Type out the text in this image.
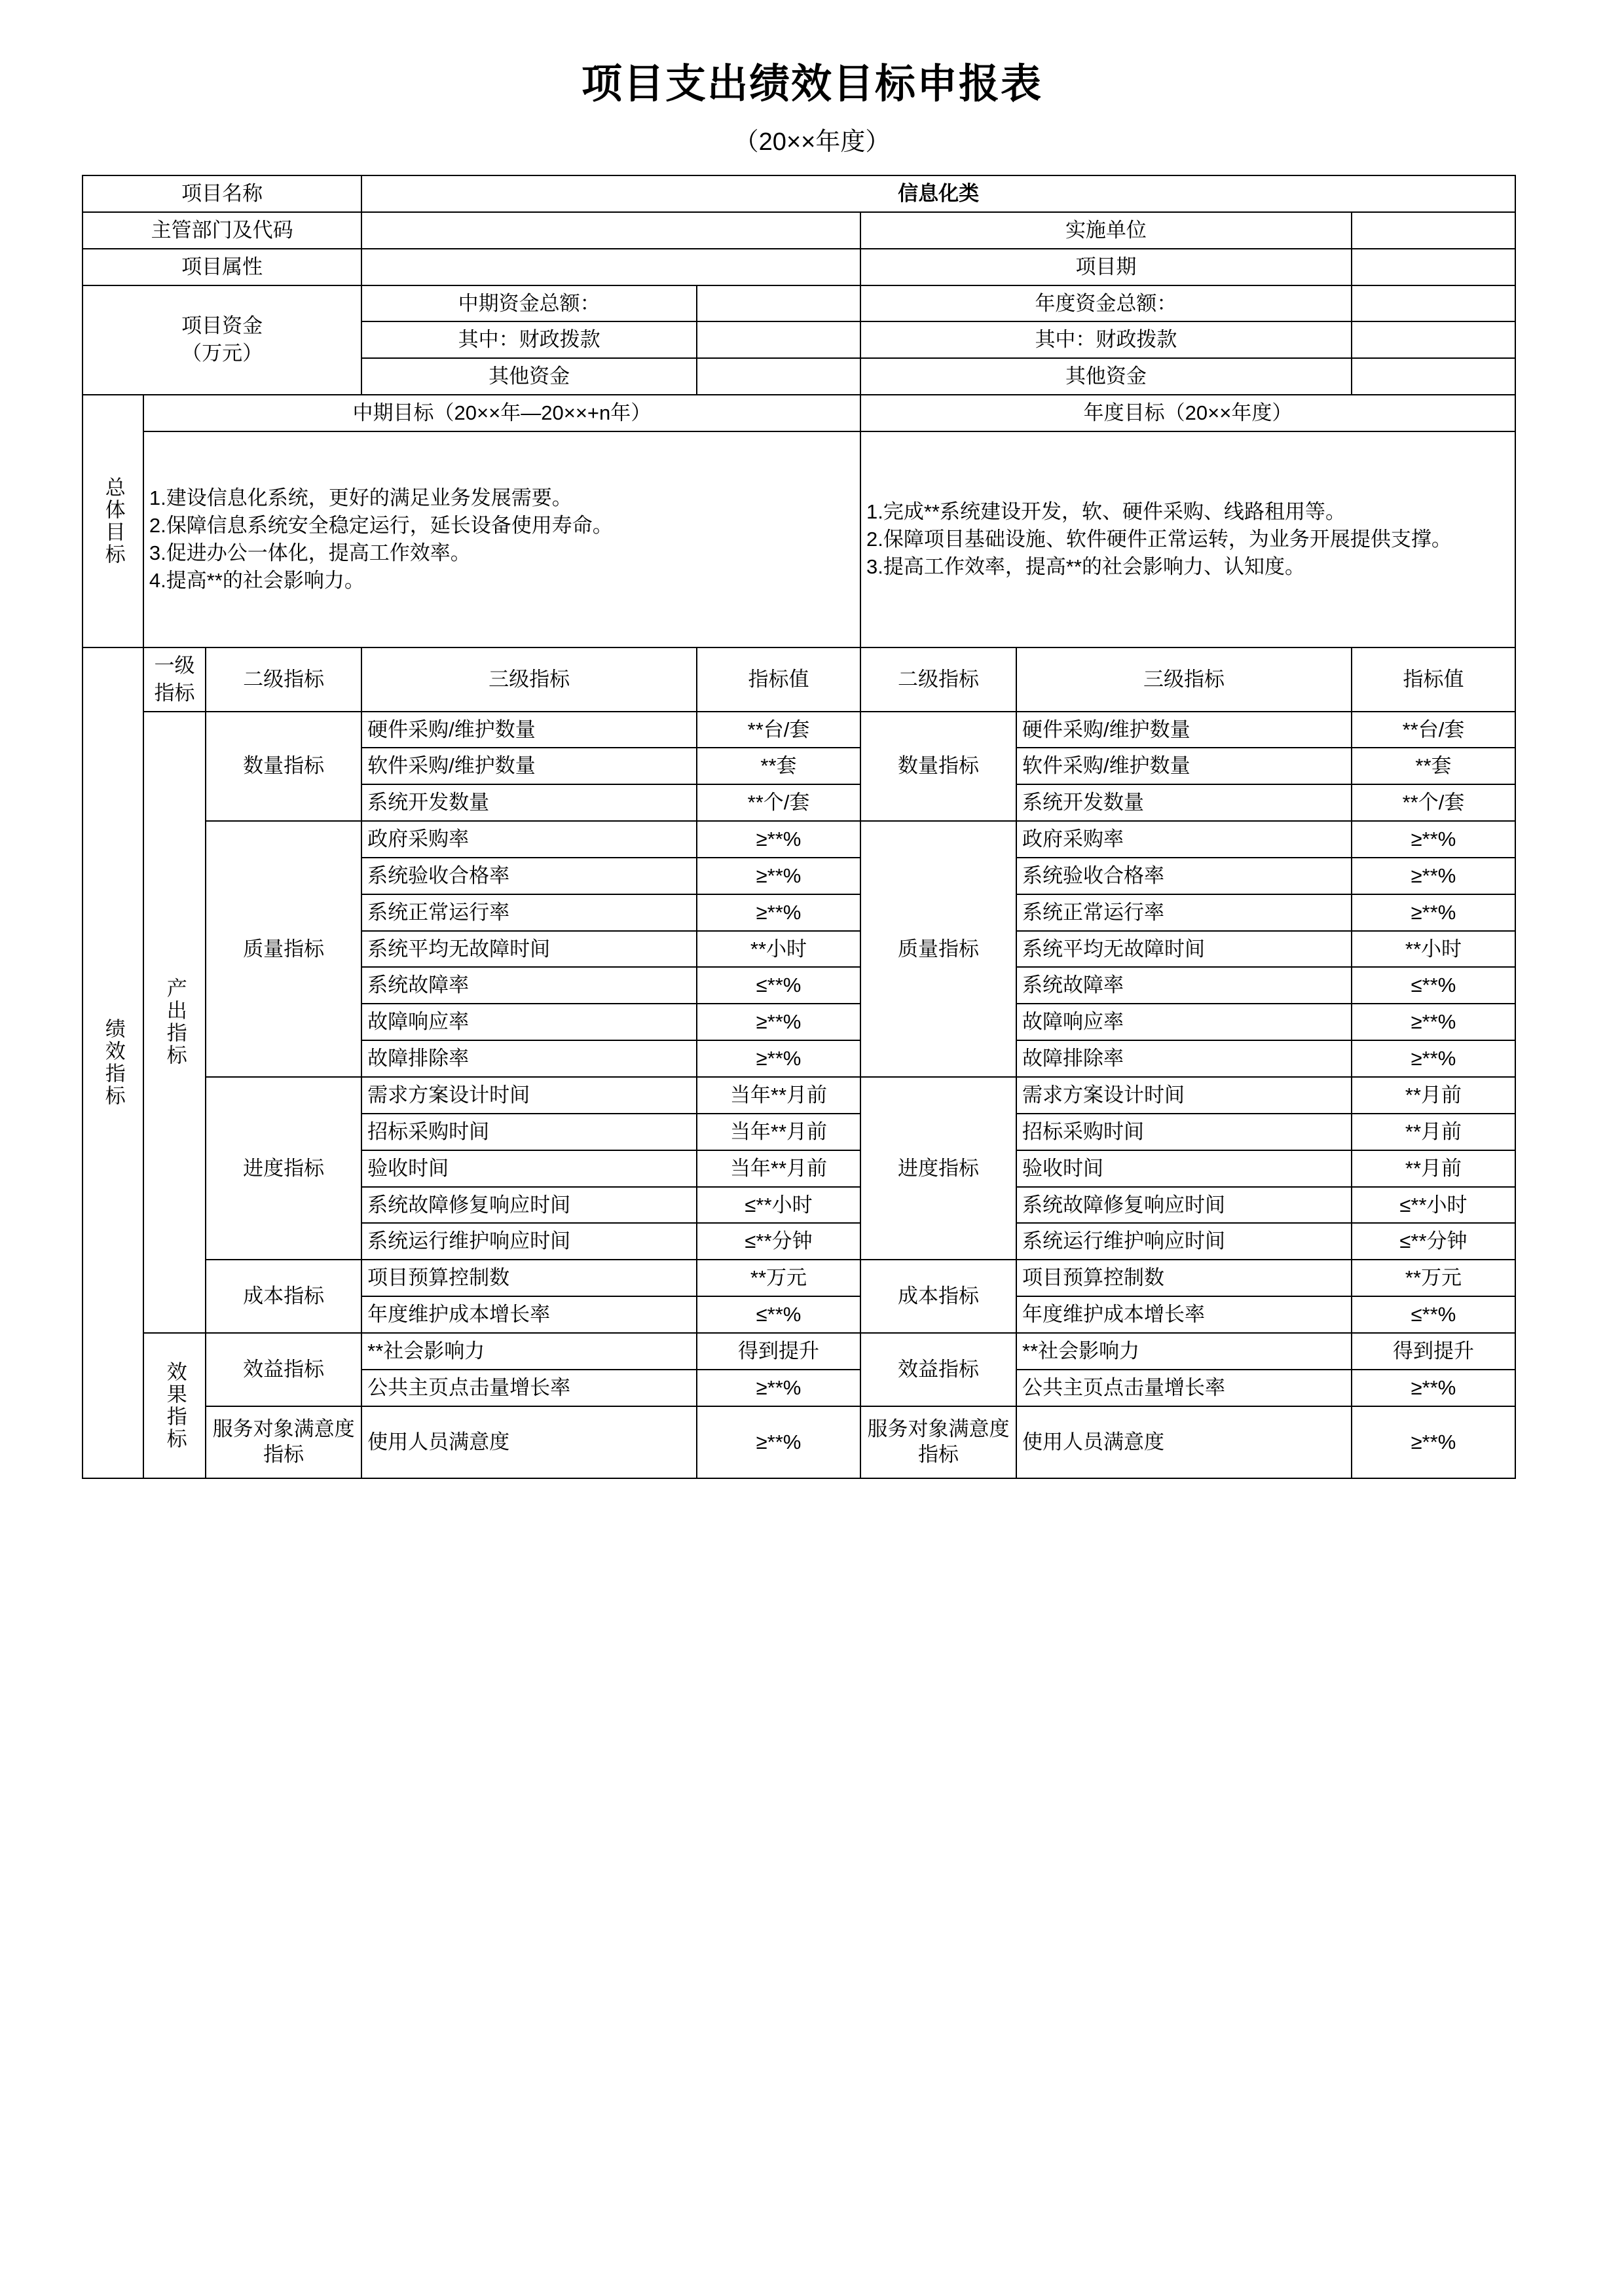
项目支出绩效目标申报表
（20××年度）
项目名称			信息化类				
主管部门及代码					实施单位		
项目属性					项目期		

项目资金
（万元）			中期资金总额：		年度资金总额：		
			其中：财政拨款		其中：财政拨款		
			其他资金		其他资金		

总体目标	中期目标（20××年—20××+n年）				年度目标（20××年度）		

1.建设信息化系统，更好的满足业务发展需要。
2.保障信息系统安全稳定运行，延长设备使用寿命。
3.促进办公一体化，提高工作效率。
4.提高**的社会影响力。

1.完成**系统建设开发，软、硬件采购、线路租用等。
2.保障项目基础设施、软件硬件正常运转，为业务开展提供支撑。
3.提高工作效率，提高**的社会影响力、认知度。

绩效指标	一级指标	二级指标	三级指标	指标值	二级指标	三级指标	指标值

	产出指标	数量指标	硬件采购/维护数量	**台/套	数量指标	硬件采购/维护数量	**台/套
			软件采购/维护数量	**套		软件采购/维护数量	**套
			系统开发数量	**个/套		系统开发数量	**个/套
		质量指标	政府采购率	≥**%	质量指标	政府采购率	≥**%
			系统验收合格率	≥**%		系统验收合格率	≥**%
			系统正常运行率	≥**%		系统正常运行率	≥**%
			系统平均无故障时间	**小时		系统平均无故障时间	**小时
			系统故障率	≤**%		系统故障率	≤**%
			故障响应率	≥**%		故障响应率	≥**%
			故障排除率	≥**%		故障排除率	≥**%
		进度指标	需求方案设计时间	当年**月前	进度指标	需求方案设计时间	**月前
			招标采购时间	当年**月前		招标采购时间	**月前
			验收时间	当年**月前		验收时间	**月前
			系统故障修复响应时间	≤**小时		系统故障修复响应时间	≤**小时
			系统运行维护响应时间	≤**分钟		系统运行维护响应时间	≤**分钟
		成本指标	项目预算控制数	**万元	成本指标	项目预算控制数	**万元
			年度维护成本增长率	≤**%		年度维护成本增长率	≤**%

	效果指标	效益指标	**社会影响力	得到提升	效益指标	**社会影响力	得到提升
			公共主页点击量增长率	≥**%		公共主页点击量增长率	≥**%

		服务对象满意度指标	使用人员满意度	≥**%	服务对象满意度指标	使用人员满意度	≥**%
